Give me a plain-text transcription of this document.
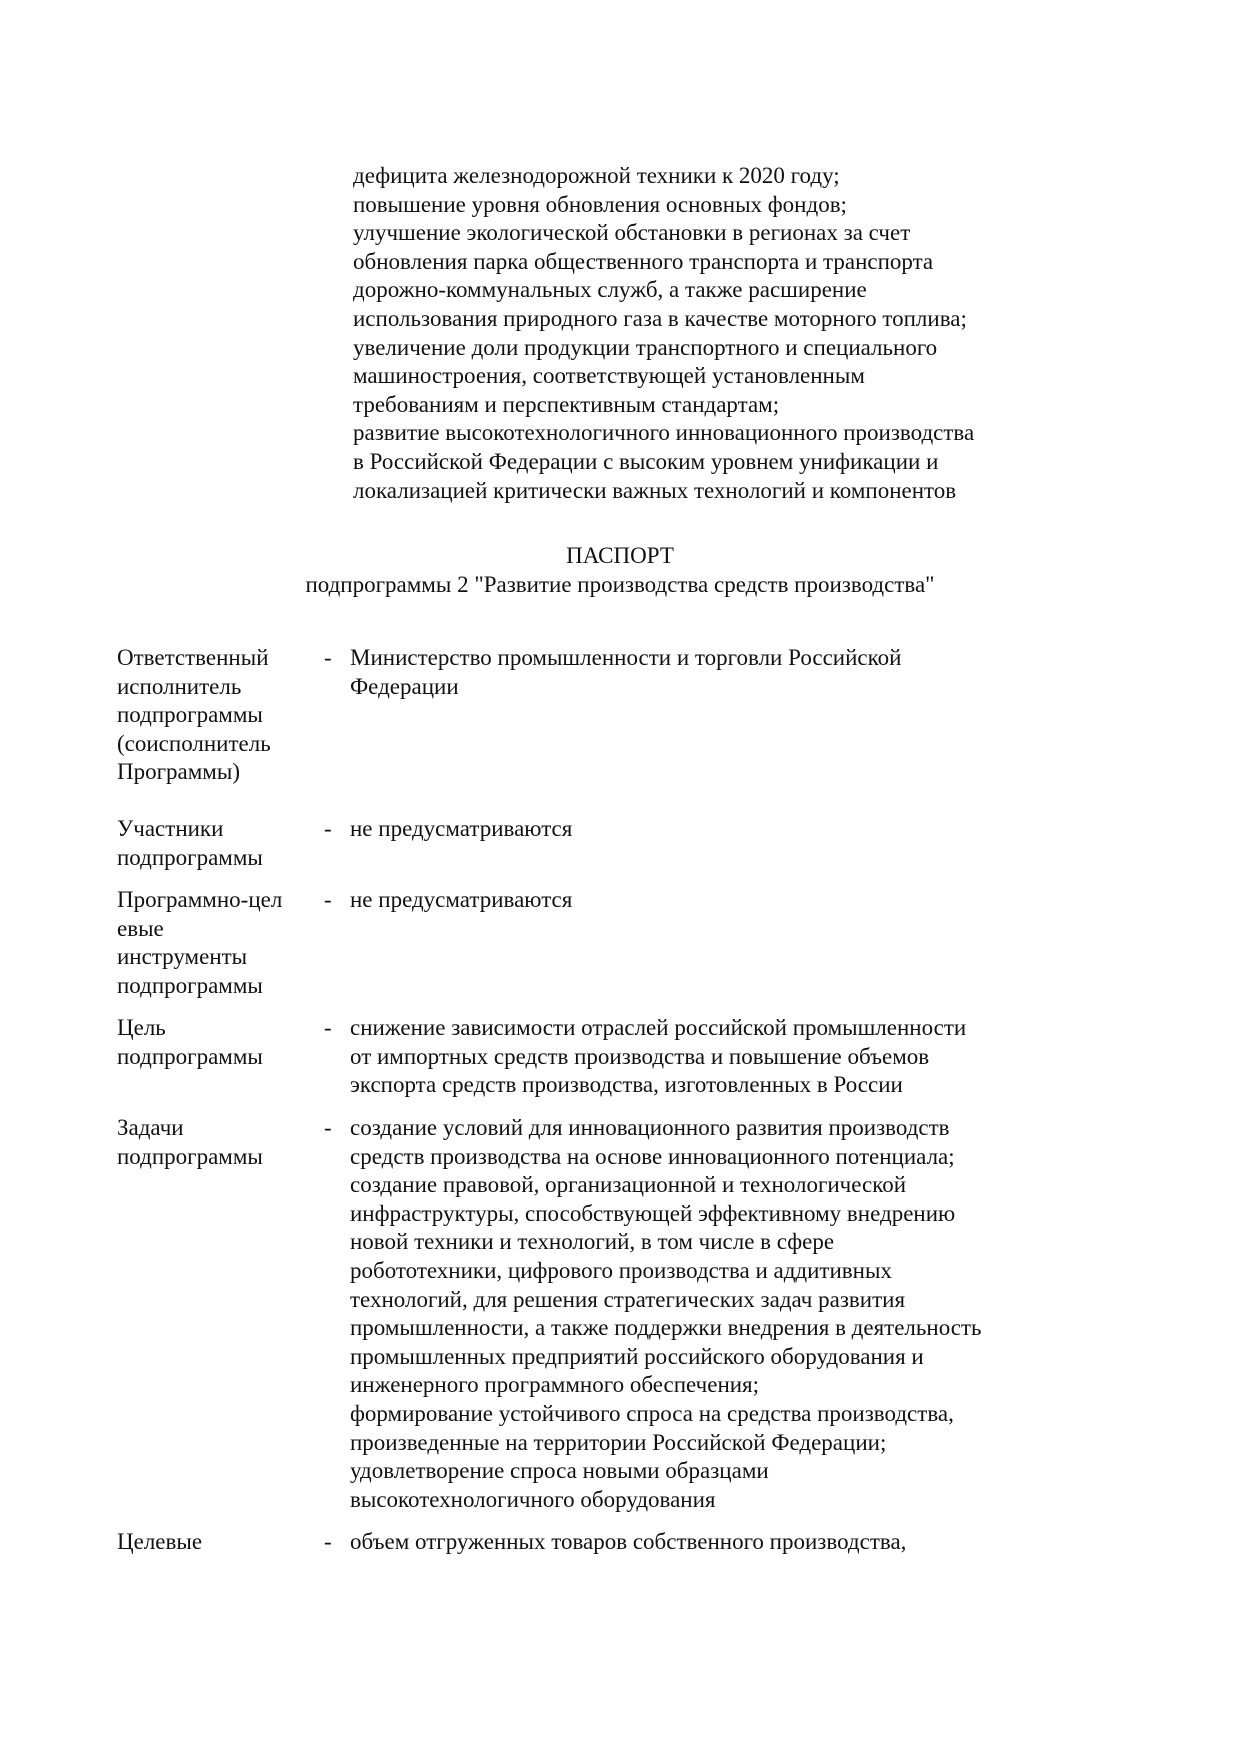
дефицита железнодорожной техники к 2020 году;
повышение уровня обновления основных фондов;
улучшение экологической обстановки в регионах за счет
обновления парка общественного транспорта и транспорта
дорожно-коммунальных служб, а также расширение
использования природного газа в качестве моторного топлива;
увеличение доли продукции транспортного и специального
машиностроения, соответствующей установленным
требованиям и перспективным стандартам;
развитие высокотехнологичного инновационного производства
в Российской Федерации с высоким уровнем унификации и
локализацией критически важных технологий и компонентов
ПАСПОРТ
подпрограммы 2 "Развитие производства средств производства"
Ответственный
исполнитель
подпрограммы
(соисполнитель
Программы)
- Министерство промышленности и торговли Российской
Федерации
Участники
подпрограммы
- не предусматриваются
Программно-цел
евые
инструменты
подпрограммы
- не предусматриваются
Цель
подпрограммы
- снижение зависимости отраслей российской промышленности
от импортных средств производства и повышение объемов
экспорта средств производства, изготовленных в России
Задачи
подпрограммы
- создание условий для инновационного развития производств
средств производства на основе инновационного потенциала;
создание правовой, организационной и технологической
инфраструктуры, способствующей эффективному внедрению
новой техники и технологий, в том числе в сфере
робототехники, цифрового производства и аддитивных
технологий, для решения стратегических задач развития
промышленности, а также поддержки внедрения в деятельность
промышленных предприятий российского оборудования и
инженерного программного обеспечения;
формирование устойчивого спроса на средства производства,
произведенные на территории Российской Федерации;
удовлетворение спроса новыми образцами
высокотехнологичного оборудования
Целевые	- объем отгруженных товаров собственного производства,
